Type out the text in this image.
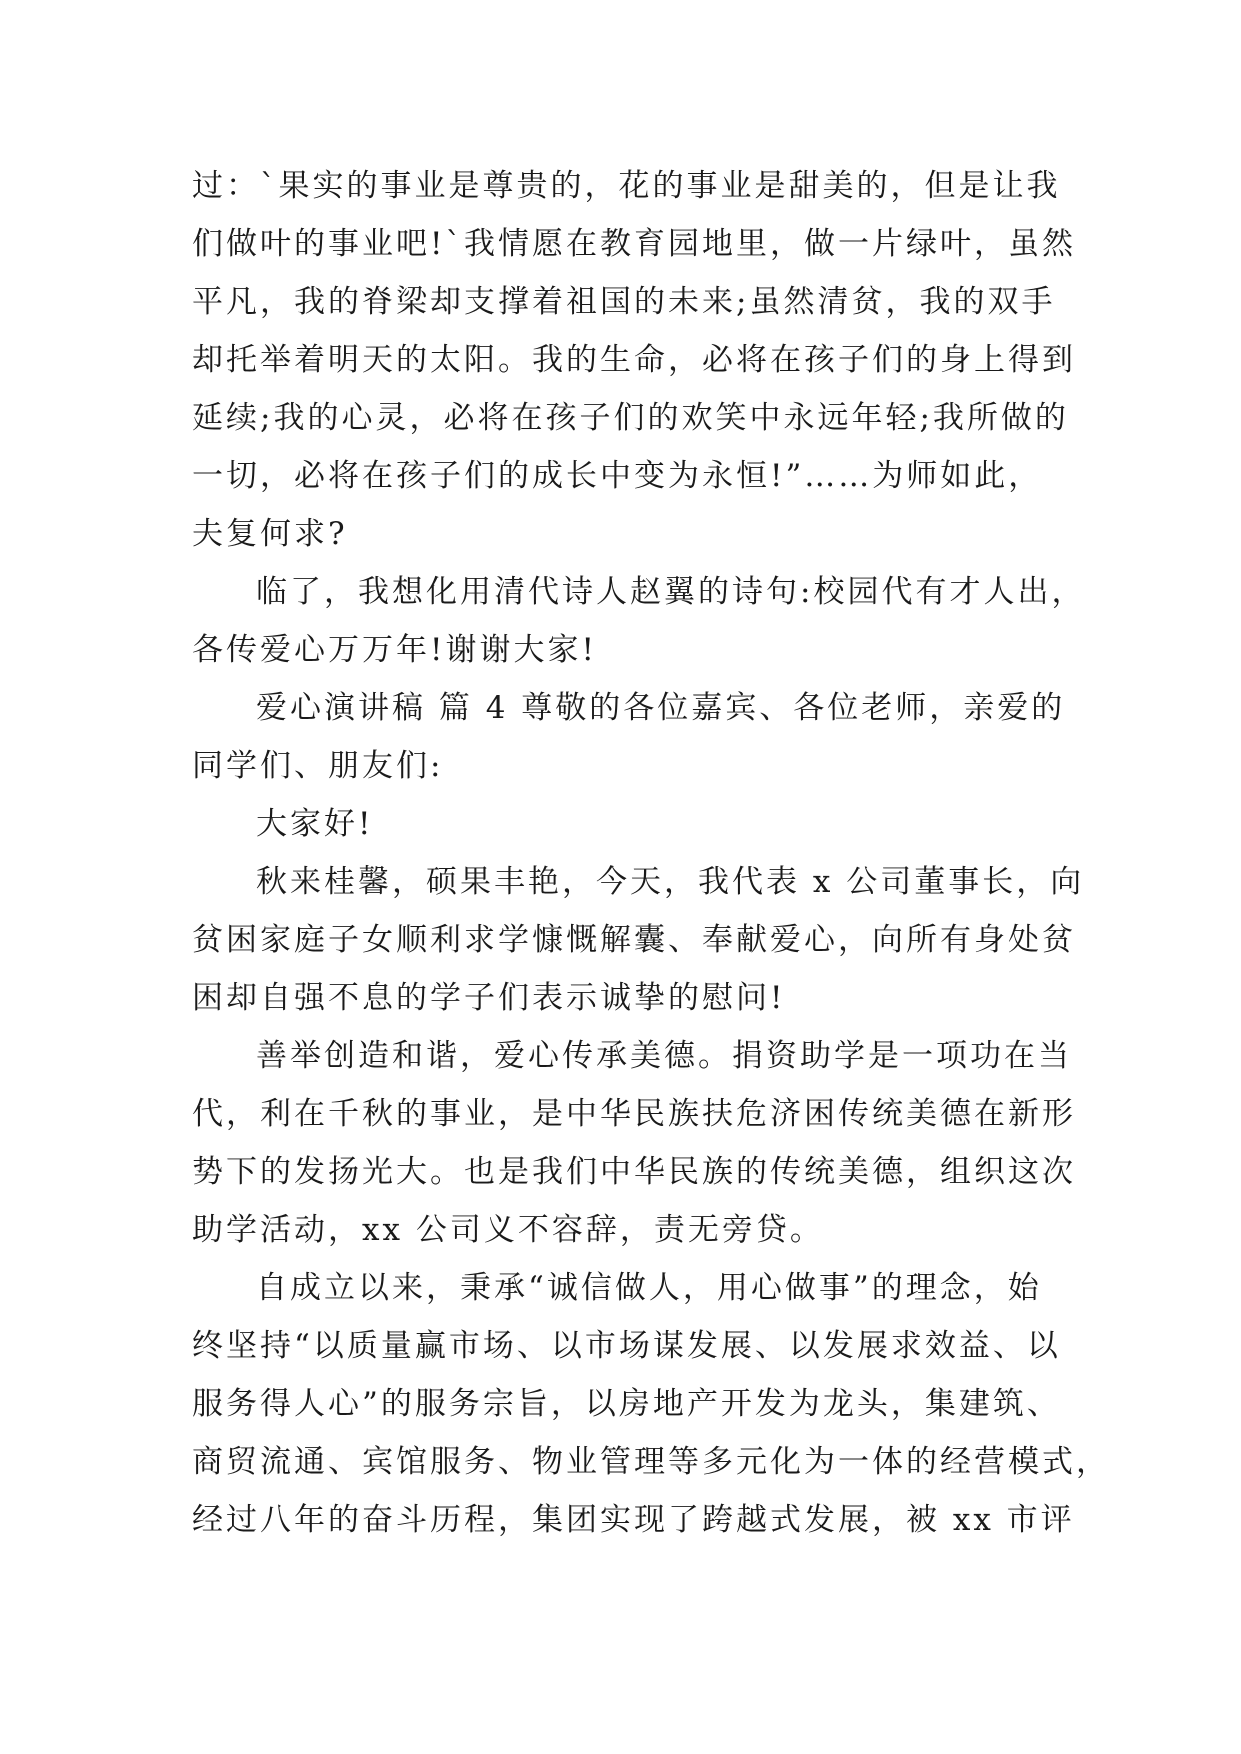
过：`果实的事业是尊贵的，花的事业是甜美的，但是让我
们做叶的事业吧!`我情愿在教育园地里，做一片绿叶，虽然
平凡，我的脊梁却支撑着祖国的未来;虽然清贫，我的双手
却托举着明天的太阳。我的生命，必将在孩子们的身上得到
延续;我的心灵，必将在孩子们的欢笑中永远年轻;我所做的
一切，必将在孩子们的成长中变为永恒!”……为师如此，
夫复何求?
临了，我想化用清代诗人赵翼的诗句:校园代有才人出，
各传爱心万万年!谢谢大家!
爱心演讲稿 篇 4 尊敬的各位嘉宾、各位老师，亲爱的
同学们、朋友们:
大家好!
秋来桂馨，硕果丰艳，今天，我代表 x 公司董事长，向
贫困家庭子女顺利求学慷慨解囊、奉献爱心，向所有身处贫
困却自强不息的学子们表示诚挚的慰问!
善举创造和谐，爱心传承美德。捐资助学是一项功在当
代，利在千秋的事业，是中华民族扶危济困传统美德在新形
势下的发扬光大。也是我们中华民族的传统美德，组织这次
助学活动，xx 公司义不容辞，责无旁贷。
自成立以来，秉承“诚信做人，用心做事”的理念，始
终坚持“以质量赢市场、以市场谋发展、以发展求效益、以
服务得人心”的服务宗旨，以房地产开发为龙头，集建筑、
商贸流通、宾馆服务、物业管理等多元化为一体的经营模式，
经过八年的奋斗历程，集团实现了跨越式发展，被 xx 市评
